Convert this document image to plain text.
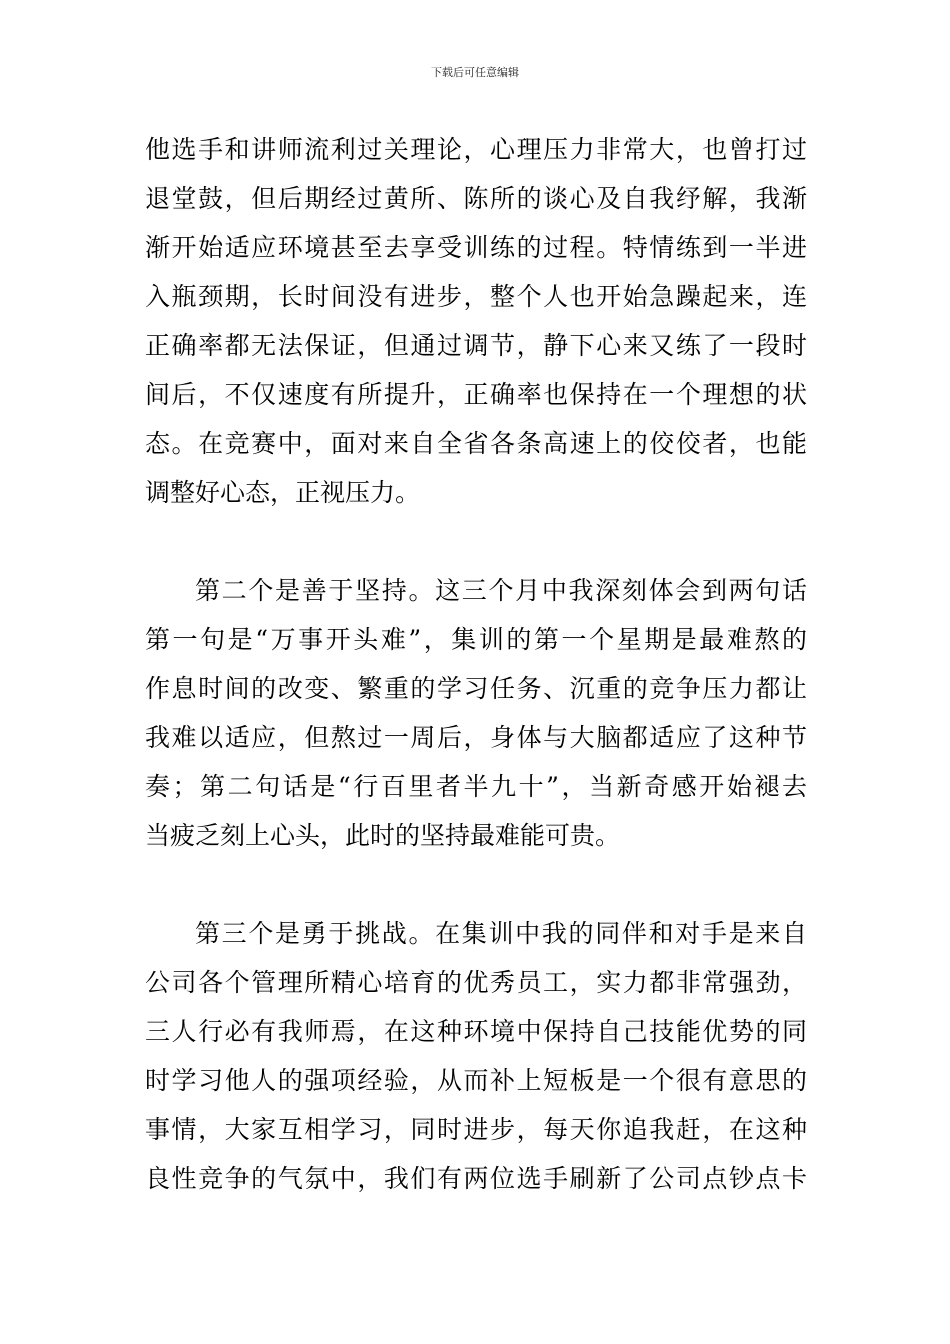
下载后可任意编辑
他选手和讲师流利过关理论，心理压力非常大，也曾打过
退堂鼓，但后期经过黄所、陈所的谈心及自我纾解，我渐
渐开始适应环境甚至去享受训练的过程。特情练到一半进
入瓶颈期，长时间没有进步，整个人也开始急躁起来，连
正确率都无法保证，但通过调节，静下心来又练了一段时
间后，不仅速度有所提升，正确率也保持在一个理想的状
态。在竞赛中，面对来自全省各条高速上的佼佼者，也能
调整好心态，正视压力。
第二个是善于坚持。这三个月中我深刻体会到两句话
第一句是“万事开头难”，集训的第一个星期是最难熬的
作息时间的改变、繁重的学习任务、沉重的竞争压力都让
我难以适应，但熬过一周后，身体与大脑都适应了这种节
奏；第二句话是“行百里者半九十”，当新奇感开始褪去
当疲乏刻上心头，此时的坚持最难能可贵。
第三个是勇于挑战。在集训中我的同伴和对手是来自
公司各个管理所精心培育的优秀员工，实力都非常强劲，
三人行必有我师焉，在这种环境中保持自己技能优势的同
时学习他人的强项经验，从而补上短板是一个很有意思的
事情，大家互相学习，同时进步，每天你追我赶，在这种
良性竞争的气氛中，我们有两位选手刷新了公司点钞点卡
